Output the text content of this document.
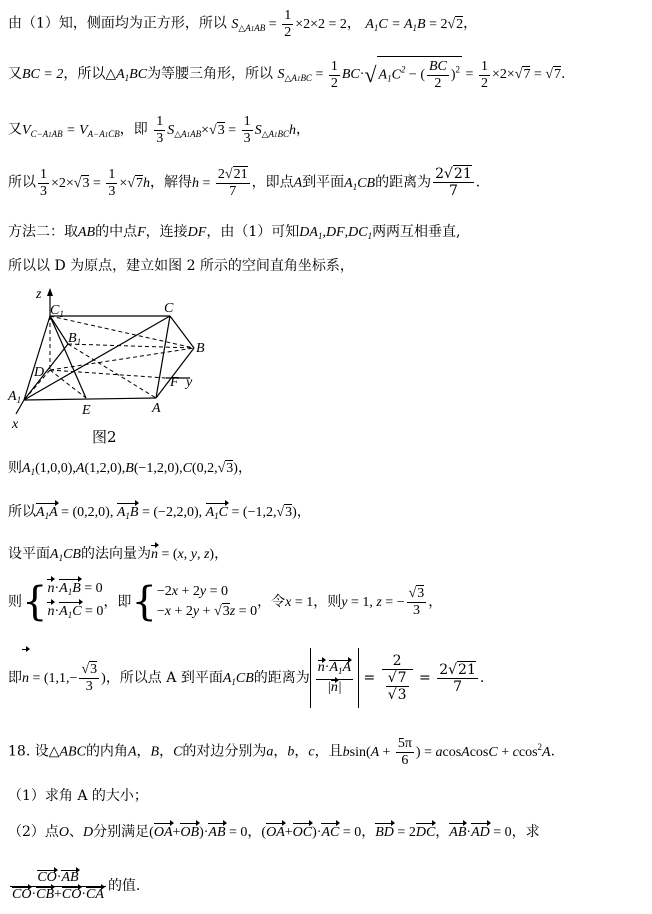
由（1）知，侧面均为正方形，所以 $S_{\triangle A1AB} = \frac{1}{2} \times 2\times 2 = 2$， $A_1C = A_1B = 2√2$，
又BC = 2，所以$\triangle A_1BC$为等腰三角形，所以 $S_{\triangle A1BC} = \frac{1}{2} BC\cdot√$ $A_1C^2$ − ( $\frac{BC}{2} )^2 = \frac{1}{2} \times 2\times√7 = √7$.
又$V_{C-A1AB} = V_{A-A1CB}$，即 $\frac{1}{3} S_{\triangle A1AB}\times√3 = \frac{1}{3} S_{\triangle A1BC}h$，
所以 $\frac{1}{3} \times 2\times√3 = \frac{1}{3} \times√7h$，解得$h = \frac{2√21}{7}$ ，即点A到平面$A_1CB$的距离为 $\frac{2√21}{7}$ .
方法二：取AB的中点F，连接DF，由（1）可知$DA_1,DF,DC_1$两两互相垂直,
所以以 D 为原点，建立如图 2 所示的空间直角坐标系，
z
$C_1$	C
$B_1$	B
D
F y
$A_1$
E	A
x
图2
则$A_1(1,0,0),A(1,2,0),B(-1,2,0),C(0,2,√3)$，
所以$A_1A = (0,2,0)$, $A_1B = (-2,2,0)$, $A_1C = (-1,2,√3)$，
设平面$A_1CB$的法向量为n = (x, y, z)，
则{$n\cdot A_1B = 0$
$n\cdot A_1C = 0$，即{−2x + 2y = 0
−x + 2y + √3z = 0，令x = 1，则y = 1, z = − $\frac{√3}{3}$ ，
即$n = (1,1,- \frac{√3}{3}$ )，所以点 A 到平面$A_1CB$的距离为 $\frac{n\cdot A_1A}{|n|} = \frac{2}{\frac{√7}{√3}} = \frac{2√21}{7}$ .
18. 设△ABC的内角A，B，C的对边分别为a，b，c，且$bsin(A + \frac{5\pi}{6}$ ) = acosAcosC + ccos$^2$A.
（1）求角 A 的大小；
（2）点O、D分别满足(OA+OB)·AB = 0，(OA+OC)·AC = 0，BD = 2DC，AB·AD = 0，求
$\frac{CO\cdot AB}{CO\cdot CB+CO\cdot CA}$ 的值.
